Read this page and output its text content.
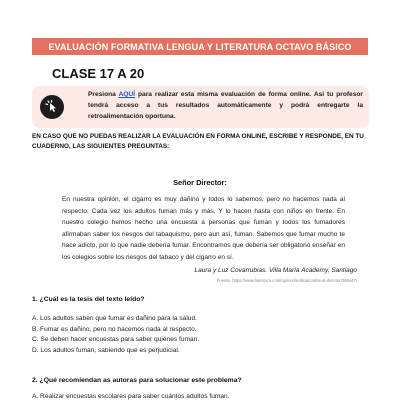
EVALUACIÓN FORMATIVA LENGUA Y LITERATURA OCTAVO BÁSICO
CLASE 17 A 20
Presiona AQUÍ para realizar esta misma evaluación de forma online. Así tu profesor tendrá acceso a tus resultados automáticamente y podrá entregarte la retroalimentación oportuna.
EN CASO QUE NO PUEDAS REALIZAR LA EVALUACIÓN EN FORMA ONLINE, ESCRIBE Y RESPONDE, EN TU CUADERNO, LAS SIGUIENTES PREGUNTAS:
Señor Director:
En nuestra opinión, el cigarro es muy dañino y todos lo sabemos, pero no hacemos nada al respecto. Cada vez los adultos fuman más y más. Y lo hacen hasta con niños en frente. En nuestro colegio hemos hecho una encuesta a personas que fuman y todos los fumadores afirmaban saber los riesgos del tabaquismo, pero aun así, fuman. Sabemos que fumar mucho te hace adicto, por lo que nadie debería fumar. Encontramos que debería ser obligatorio enseñar en los colegios sobre los riesgos del tabaco y del cigarro en sí.
Laura y Luz Covarrubias. Villa María Academy, Santiago
Fuente: https://www.latercera.com/opinion/noticia/cartas-al-director/368447/
1. ¿Cuál es la tesis del texto leído?
A. Los adultos saben que fumar es dañino para la salud.
B. Fumar es dañino, pero no hacemos nada al respecto.
C. Se deben hacer encuestas para saber quiénes fuman.
D. Los adultos fuman, sabiendo que es perjudicial.
2. ¿Qué recomiendan as autoras para solucionar este problema?
A. Realizar encuestas escolares para saber cuántos adultos fuman.
